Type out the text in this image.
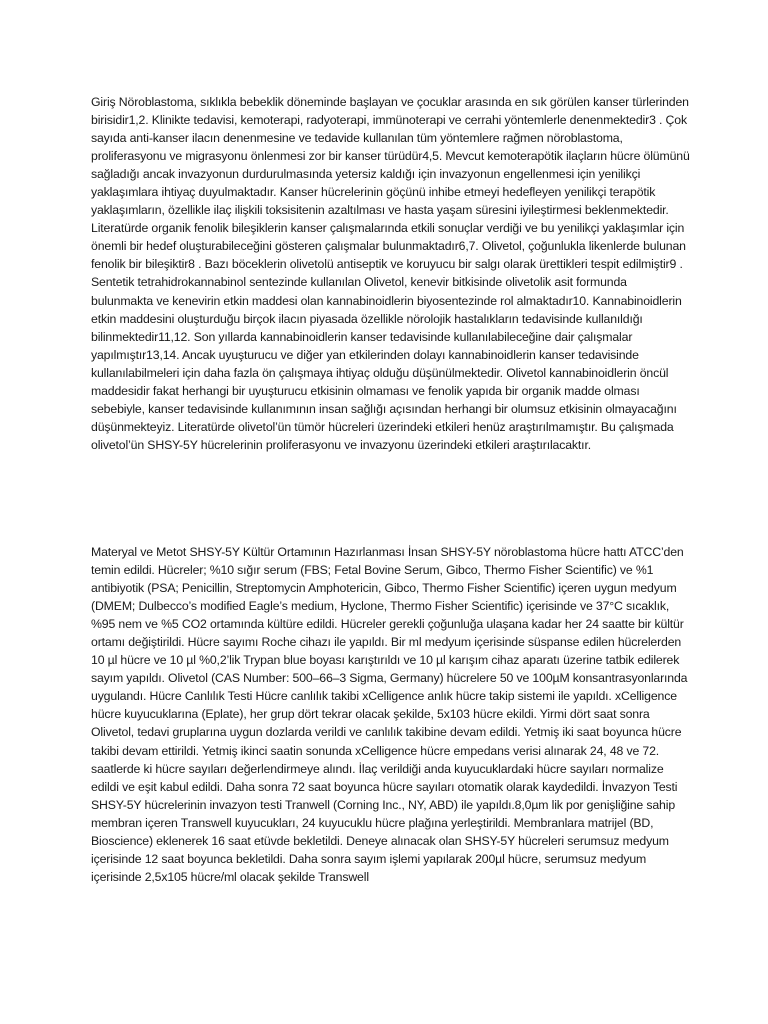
Giriş Nöroblastoma, sıklıkla bebeklik döneminde başlayan ve çocuklar arasında en sık görülen kanser türlerinden birisidir1,2. Klinikte tedavisi, kemoterapi, radyoterapi, immünoterapi ve cerrahi yöntemlerle denenmektedir3 . Çok sayıda anti-kanser ilacın denenmesine ve tedavide kullanılan tüm yöntemlere rağmen nöroblastoma, proliferasyonu ve migrasyonu önlenmesi zor bir kanser türüdür4,5. Mevcut kemoterapötik ilaçların hücre ölümünü sağladığı ancak invazyonun durdurulmasında yetersiz kaldığı için invazyonun engellenmesi için yenilikçi yaklaşımlara ihtiyaç duyulmaktadır. Kanser hücrelerinin göçünü inhibe etmeyi hedefleyen yenilikçi terapötik yaklaşımların, özellikle ilaç ilişkili toksisitenin azaltılması ve hasta yaşam süresini iyileştirmesi beklenmektedir. Literatürde organik fenolik bileşiklerin kanser çalışmalarında etkili sonuçlar verdiği ve bu yenilikçi yaklaşımlar için önemli bir hedef oluşturabileceğini gösteren çalışmalar bulunmaktadır6,7. Olivetol, çoğunlukla likenlerde bulunan fenolik bir bileşiktir8 . Bazı böceklerin olivetolü antiseptik ve koruyucu bir salgı olarak ürettikleri tespit edilmiştir9 . Sentetik tetrahidrokannabinol sentezinde kullanılan Olivetol, kenevir bitkisinde olivetolik asit formunda bulunmakta ve kenevirin etkin maddesi olan kannabinoidlerin biyosentezinde rol almaktadır10. Kannabinoidlerin etkin maddesini oluşturduğu birçok ilacın piyasada özellikle nörolojik hastalıkların tedavisinde kullanıldığı bilinmektedir11,12. Son yıllarda kannabinoidlerin kanser tedavisinde kullanılabileceğine dair çalışmalar yapılmıştır13,14. Ancak uyuşturucu ve diğer yan etkilerinden dolayı kannabinoidlerin kanser tedavisinde kullanılabilmeleri için daha fazla ön çalışmaya ihtiyaç olduğu düşünülmektedir. Olivetol kannabinoidlerin öncül maddesidir fakat herhangi bir uyuşturucu etkisinin olmaması ve fenolik yapıda bir organik madde olması sebebiyle, kanser tedavisinde kullanımının insan sağlığı açısından herhangi bir olumsuz etkisinin olmayacağını düşünmekteyiz. Literatürde olivetol’ün tümör hücreleri üzerindeki etkileri henüz araştırılmamıştır. Bu çalışmada olivetol’ün SHSY-5Y hücrelerinin proliferasyonu ve invazyonu üzerindeki etkileri araştırılacaktır.

Materyal ve Metot SHSY-5Y Kültür Ortamının Hazırlanması İnsan SHSY-5Y nöroblastoma hücre hattı ATCC’den temin edildi. Hücreler; %10 sığır serum (FBS; Fetal Bovine Serum, Gibco, Thermo Fisher Scientific) ve %1 antibiyotik (PSA; Penicillin, Streptomycin Amphotericin, Gibco, Thermo Fisher Scientific) içeren uygun medyum (DMEM; Dulbecco’s modified Eagle’s medium, Hyclone, Thermo Fisher Scientific) içerisinde ve 37°C sıcaklık, %95 nem ve %5 CO2 ortamında kültüre edildi. Hücreler gerekli çoğunluğa ulaşana kadar her 24 saatte bir kültür ortamı değiştirildi. Hücre sayımı Roche cihazı ile yapıldı. Bir ml medyum içerisinde süspanse edilen hücrelerden 10 µl hücre ve 10 µl %0,2’lik Trypan blue boyası karıştırıldı ve 10 µl karışım cihaz aparatı üzerine tatbik edilerek sayım yapıldı. Olivetol (CAS Number: 500–66–3 Sigma, Germany) hücrelere 50 ve 100µM konsantrasyonlarında uygulandı. Hücre Canlılık Testi Hücre canlılık takibi xCelligence anlık hücre takip sistemi ile yapıldı. xCelligence hücre kuyucuklarına (Eplate), her grup dört tekrar olacak şekilde, 5x103 hücre ekildi. Yirmi dört saat sonra Olivetol, tedavi gruplarına uygun dozlarda verildi ve canlılık takibine devam edildi. Yetmiş iki saat boyunca hücre takibi devam ettirildi. Yetmiş ikinci saatin sonunda xCelligence hücre empedans verisi alınarak 24, 48 ve 72. saatlerde ki hücre sayıları değerlendirmeye alındı. İlaç verildiği anda kuyucuklardaki hücre sayıları normalize edildi ve eşit kabul edildi. Daha sonra 72 saat boyunca hücre sayıları otomatik olarak kaydedildi. İnvazyon Testi SHSY-5Y hücrelerinin invazyon testi Tranwell (Corning Inc., NY, ABD) ile yapıldı.8,0µm lik por genişliğine sahip membran içeren Transwell kuyucukları, 24 kuyucuklu hücre plağına yerleştirildi. Membranlara matrijel (BD, Bioscience) eklenerek 16 saat etüvde bekletildi. Deneye alınacak olan SHSY-5Y hücreleri serumsuz medyum içerisinde 12 saat boyunca bekletildi. Daha sonra sayım işlemi yapılarak 200µl hücre, serumsuz medyum içerisinde 2,5x105 hücre/ml olacak şekilde Transwell
